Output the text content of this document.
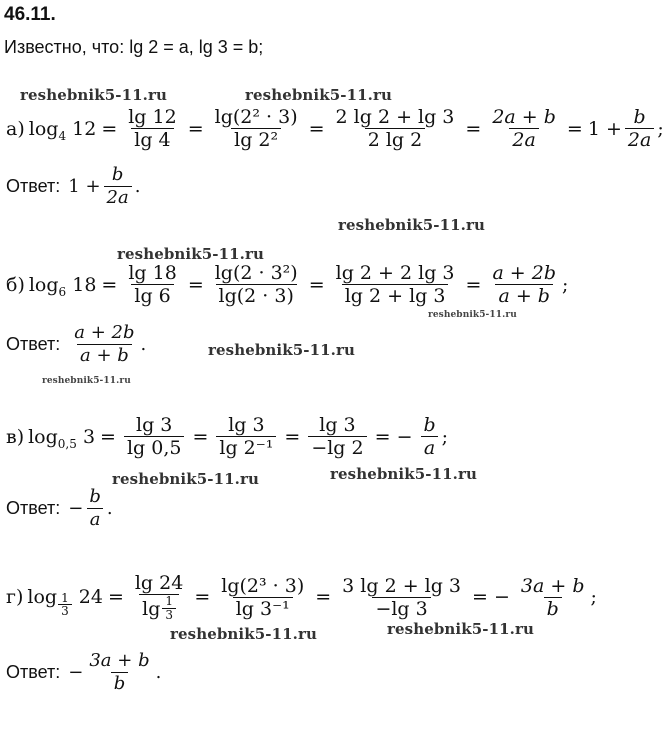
46.11.
Известно, что: lg 2 = a, lg 3 = b;
reshebnik5-11.ru	reshebnik5-11.ru
reshebnik5-11.ru
reshebnik5-11.ru
reshebnik5-11.ru
reshebnik5-11.ru
reshebnik5-11.ru
reshebnik5-11.ru	reshebnik5-11.ru
reshebnik5-11.ru	reshebnik5-11.ru
а) $\log_4 12 = \frac{\lg 12}{\lg 4} = \frac{\text{lg(2² · 3)}}{\text{lg 2²}} = \frac{2 \lg 2 + \lg 3}{2 \lg 2} = \frac{2a + b}{2a} = 1 + \frac{b}{2a}$ ;
Ответ: $1 + \frac{b}{2a}$ .
б) $\log_6 18 = \frac{\lg 18}{\lg 6} = \frac{\text{lg(2 · 3²)}}{\lg(2 \cdot 3)} = \frac{\lg 2 + 2 \lg 3}{\lg 2 + \lg 3} = \frac{a + 2b}{a + b}$ ;
Ответ: $\frac{a + 2b}{a + b}$ .
в) $\log_{0,5} 3 = \frac{\lg 3}{\lg 0,5} = \frac{\lg 3}{\text{lg 2⁻¹}} = \frac{\lg 3}{-\lg 2}$ = − $\frac{b}{a}$ ;
Ответ: − $\frac{b}{a}$ .
г) $\log \frac{1}{3}$
$24 = \frac{\lg 24}{\lg \frac{1}{3}} = \frac{\text{lg(2³ · 3)}}{\text{lg 3⁻¹}} = \frac{3 \lg 2 + \lg 3}{-\lg 3}$ = − $\frac{3a + b}{b}$ ;
Ответ: − $\frac{3a + b}{b}$ .
